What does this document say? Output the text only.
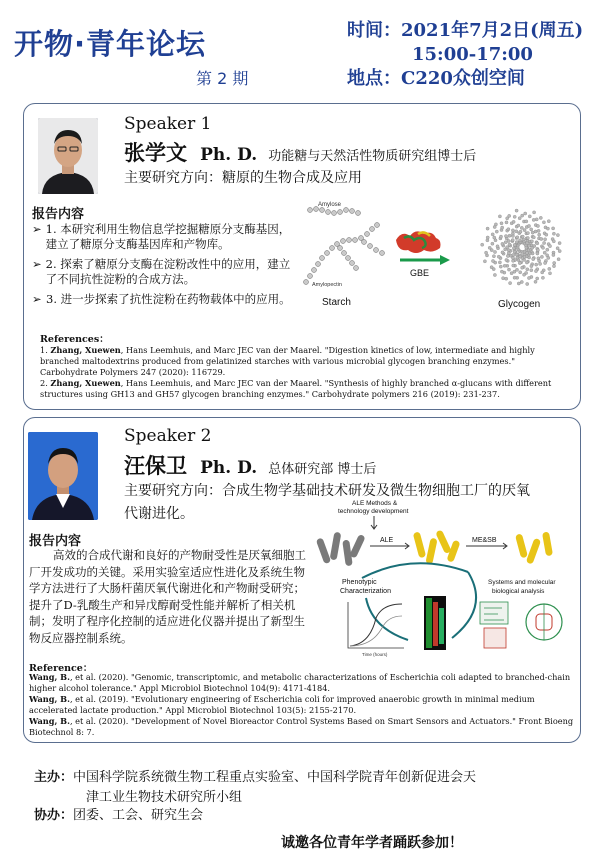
开物·青年论坛
第 2 期
时间：2021年7月2日(周五)
15:00-17:00
地点：C220众创空间
Speaker 1
张学文 Ph. D. 功能糖与天然活性物质研究组博士后
主要研究方向：糖原的生物合成及应用
报告内容
➢ 1. 本研究利用生物信息学挖掘糖原分支酶基因，建立了糖原分支酶基因库和产物库。
➢ 2. 探索了糖原分支酶在淀粉改性中的应用，建立了不同抗性淀粉的合成方法。
➢ 3. 进一步探索了抗性淀粉在药物载体中的应用。
Amylose
Amylopectin
Starch
GBE
Glycogen
References：
1. Zhang, Xuewen, Hans Leemhuis, and Marc JEC van der Maarel. "Digestion kinetics of low, intermediate and highly branched maltodextrins produced from gelatinized starches with various microbial glycogen branching enzymes." Carbohydrate Polymers 247 (2020): 116729.
2. Zhang, Xuewen, Hans Leemhuis, and Marc JEC van der Maarel. "Synthesis of highly branched α-glucans with different structures using GH13 and GH57 glycogen branching enzymes." Carbohydrate polymers 216 (2019): 231-237.
Speaker 2
汪保卫 Ph. D. 总体研究部 博士后
主要研究方向：合成生物学基础技术研发及微生物细胞工厂的厌氧
代谢进化。
报告内容
高效的合成代谢和良好的产物耐受性是厌氧细胞工厂开发成功的关键。采用实验室适应性进化及系统生物学方法进行了大肠杆菌厌氧代谢进化和产物耐受研究；提升了D-乳酸生产和异戊醇耐受性能并解析了相关机制；发明了程序化控制的适应进化仪器并提出了新型生物反应器控制系统。
ALE Methods &
technology development
ALE	ME&SB
Phenotypic
Characterization
Time (hours)
Systems and molecular
biological analysis
Reference：
Wang, B., et al. (2020). "Genomic, transcriptomic, and metabolic characterizations of Escherichia coli adapted to branched-chain higher alcohol tolerance." Appl Microbiol Biotechnol 104(9): 4171-4184.
Wang, B., et al. (2019). "Evolutionary engineering of Escherichia coli for improved anaerobic growth in minimal medium accelerated lactate production." Appl Microbiol Biotechnol 103(5): 2155-2170.
Wang, B., et al. (2020). "Development of Novel Bioreactor Control Systems Based on Smart Sensors and Actuators." Front Bioeng Biotechnol 8: 7.
主办：中国科学院系统微生物工程重点实验室、中国科学院青年创新促进会天
津工业生物技术研究所小组
协办：团委、工会、研究生会
诚邀各位青年学者踊跃参加！
